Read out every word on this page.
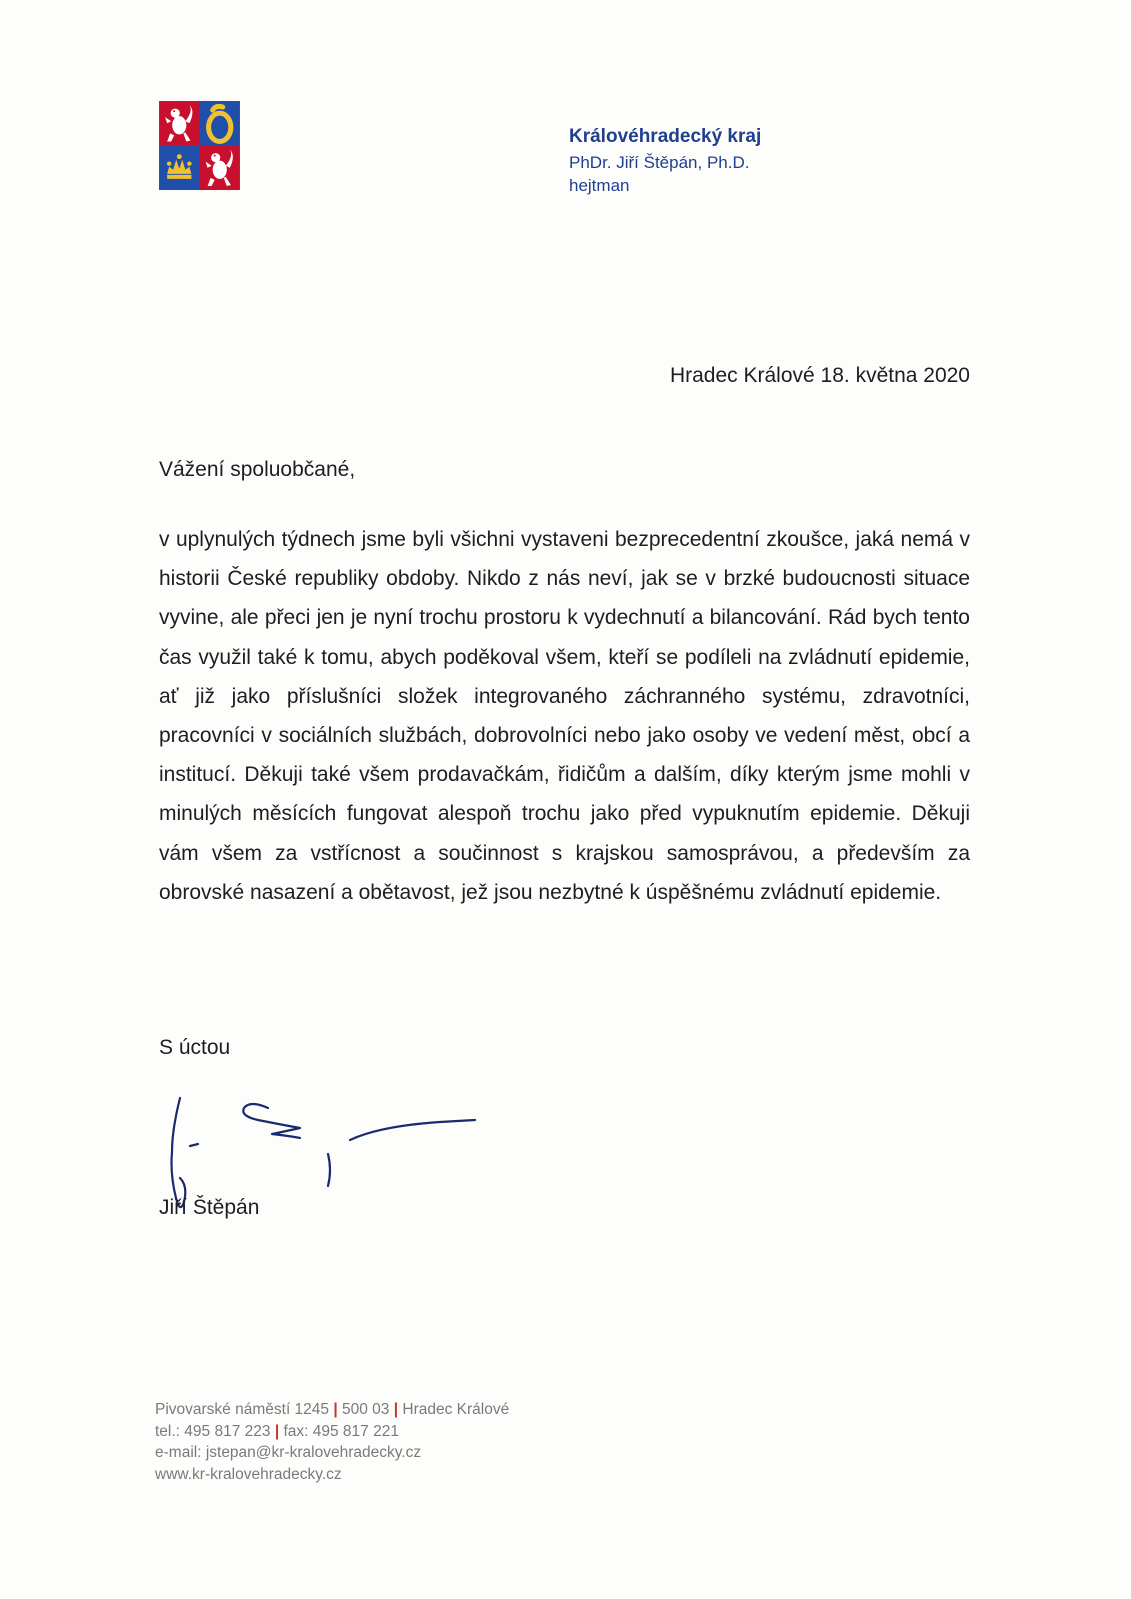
Královéhradecký kraj
PhDr. Jiří Štěpán, Ph.D.
hejtman
Hradec Králové 18. května 2020
Vážení spoluobčané,
v uplynulých týdnech jsme byli všichni vystaveni bezprecedentní zkoušce, jaká nemá v historii České republiky obdoby. Nikdo z nás neví, jak se v brzké budoucnosti situace vyvine, ale přeci jen je nyní trochu prostoru k vydechnutí a bilancování. Rád bych tento čas využil také k tomu, abych poděkoval všem, kteří se podíleli na zvládnutí epidemie, ať již jako příslušníci složek integrovaného záchranného systému, zdravotníci, pracovníci v sociálních službách, dobrovolníci nebo jako osoby ve vedení měst, obcí a institucí. Děkuji také všem prodavačkám, řidičům a dalším, díky kterým jsme mohli v minulých měsících fungovat alespoň trochu jako před vypuknutím epidemie. Děkuji vám všem za vstřícnost a součinnost s krajskou samosprávou, a především za obrovské nasazení a obětavost, jež jsou nezbytné k úspěšnému zvládnutí epidemie.
S úctou
Jiří Štěpán
Pivovarské náměstí 1245 | 500 03 | Hradec Králové
tel.: 495 817 223 | fax: 495 817 221
e-mail: jstepan@kr-kralovehradecky.cz
www.kr-kralovehradecky.cz
